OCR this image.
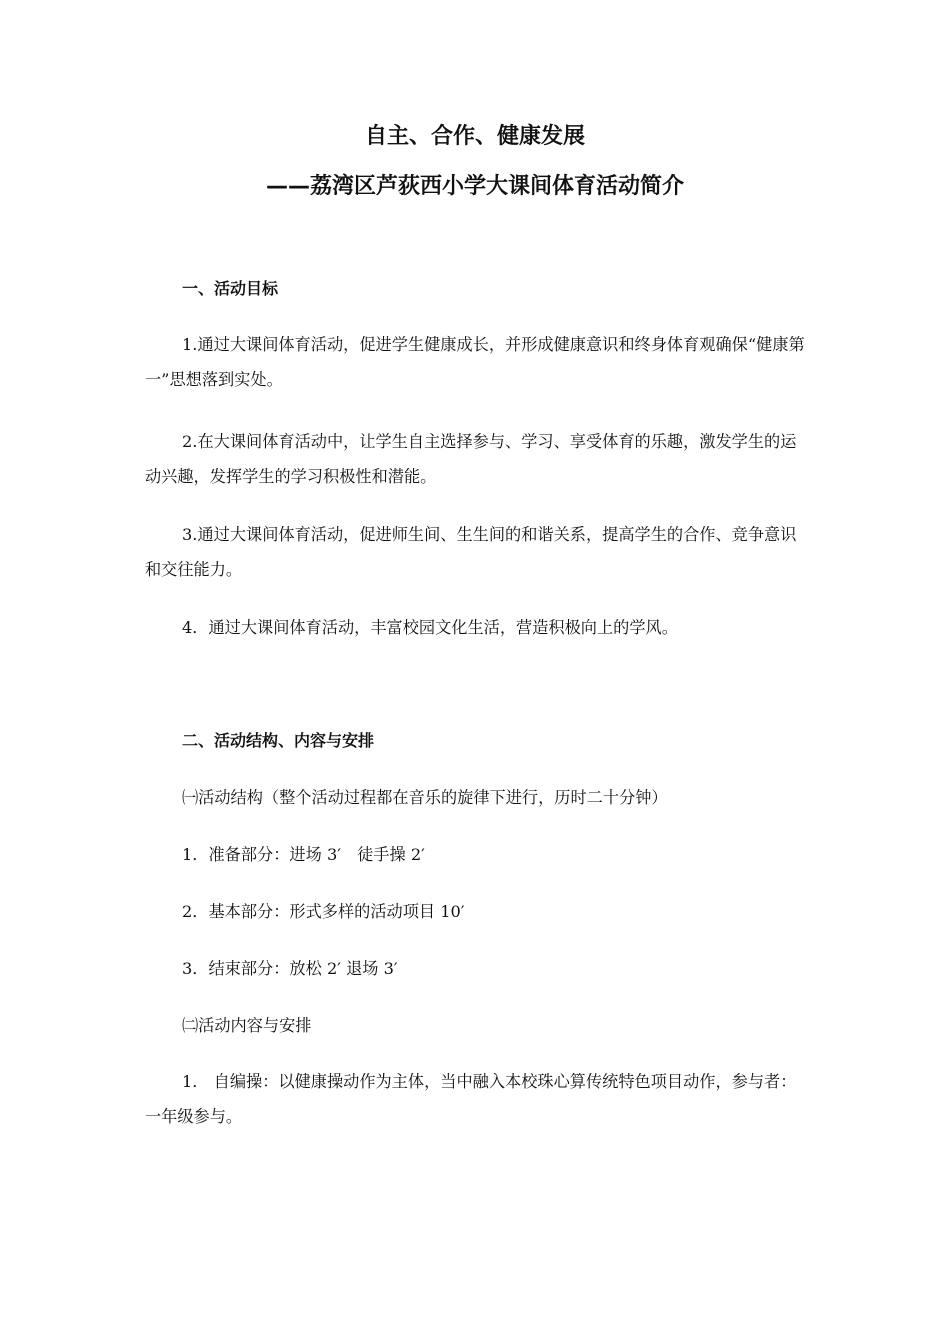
自主、合作、健康发展
——荔湾区芦荻西小学大课间体育活动简介
一、活动目标

1.通过大课间体育活动，促进学生健康成长，并形成健康意识和终身体育观确保“健康第一”思想落到实处。

2.在大课间体育活动中，让学生自主选择参与、学习、享受体育的乐趣，激发学生的运动兴趣，发挥学生的学习积极性和潜能。

3.通过大课间体育活动，促进师生间、生生间的和谐关系，提高学生的合作、竞争意识和交往能力。

4．通过大课间体育活动，丰富校园文化生活，营造积极向上的学风。

二、活动结构、内容与安排
㈠活动结构（整个活动过程都在音乐的旋律下进行，历时二十分钟）
1．准备部分：进场 3′　徒手操 2′
2．基本部分：形式多样的活动项目 10′
3．结束部分：放松 2′ 退场 3′
㈡活动内容与安排

1． 自编操：以健康操动作为主体，当中融入本校珠心算传统特色项目动作，参与者：一年级参与。
